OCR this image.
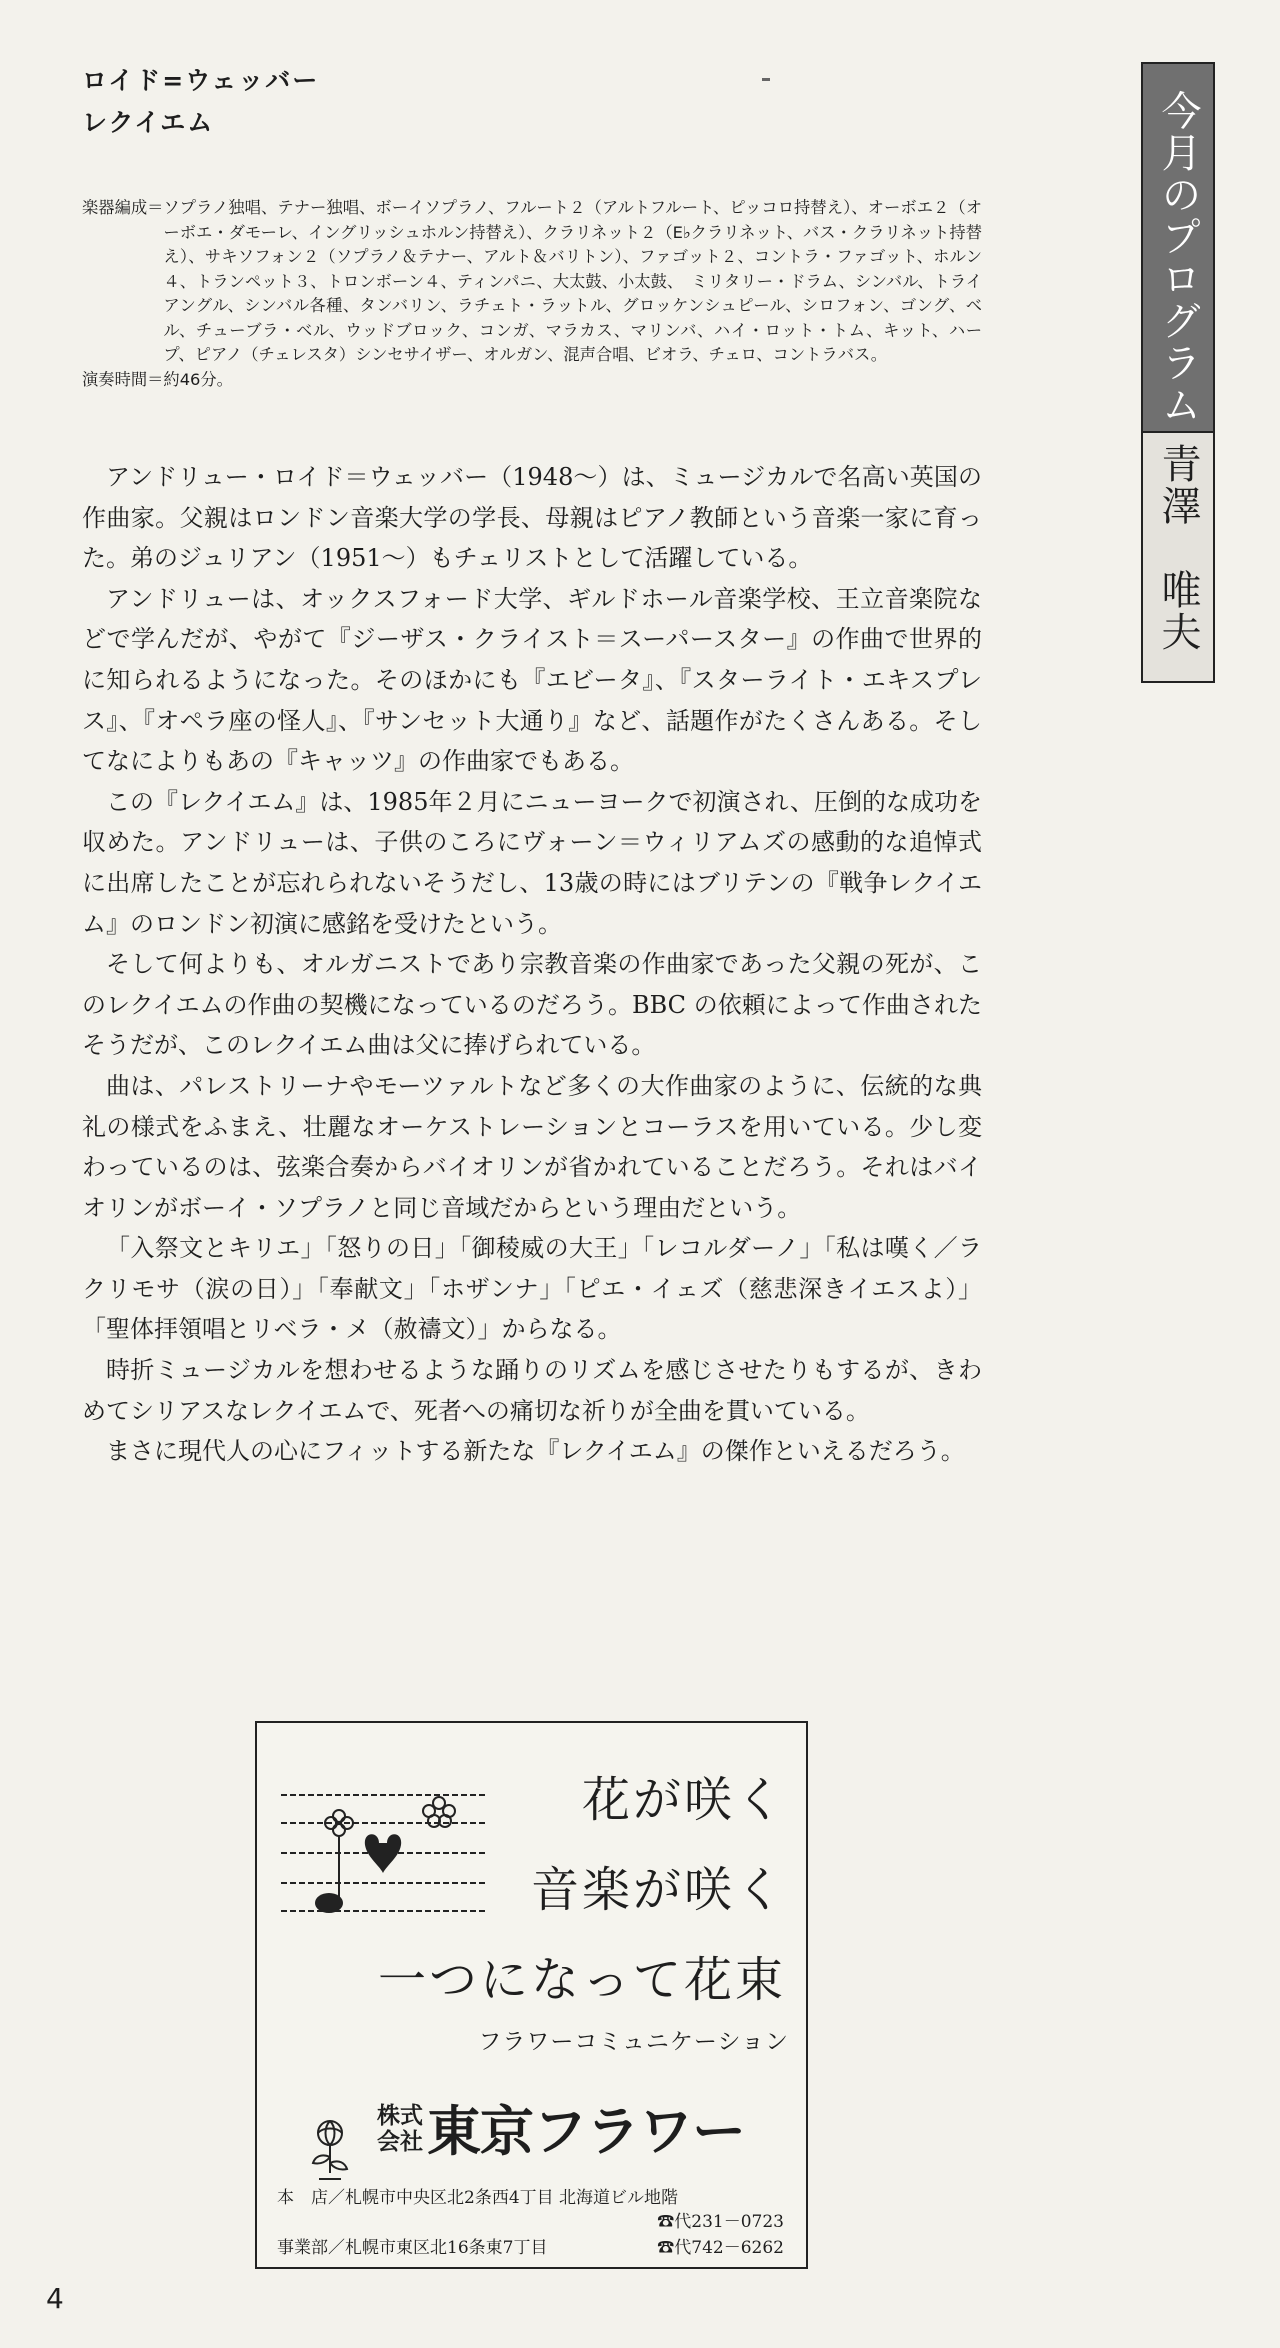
ロイド=ウェッバー
レクイエム
楽器編成＝ ソプラノ独唱、テナー独唱、ボーイソプラノ、フルート２（アルトフルート、ピッコロ持替え）、オーボエ２（オーボエ・ダモーレ、イングリッシュホルン持替え）、クラリネット２（E♭クラリネット、バス・クラリネット持替え）、サキソフォン２（ソプラノ＆テナー、アルト＆バリトン）、ファゴット２、コントラ・ファゴット、ホルン４、トランペット３、トロンボーン４、ティンパニ、大太鼓、小太鼓、　ミリタリー・ドラム、シンバル、トライアングル、シンバル各種、タンバリン、ラチェト・ラットル、グロッケンシュピール、シロフォン、ゴング、ベル、チューブラ・ベル、ウッドブロック、コンガ、マラカス、マリンバ、ハイ・ロット・トム、キット、ハープ、ピアノ（チェレスタ）シンセサイザー、オルガン、混声合唱、ビオラ、チェロ、コントラバス。
演奏時間＝約46分。

アンドリュー・ロイド＝ウェッバー（1948〜）は、ミュージカルで名高い英国の作曲家。父親はロンドン音楽大学の学長、母親はピアノ教師という音楽一家に育った。弟のジュリアン（1951〜）もチェリストとして活躍している。

アンドリューは、オックスフォード大学、ギルドホール音楽学校、王立音楽院などで学んだが、やがて『ジーザス・クライスト＝スーパースター』の作曲で世界的に知られるようになった。そのほかにも『エビータ』、『スターライト・エキスプレス』、『オペラ座の怪人』、『サンセット大通り』など、話題作がたくさんある。そしてなによりもあの『キャッツ』の作曲家でもある。

この『レクイエム』は、1985年２月にニューヨークで初演され、圧倒的な成功を収めた。アンドリューは、子供のころにヴォーン＝ウィリアムズの感動的な追悼式に出席したことが忘れられないそうだし、13歳の時にはブリテンの『戦争レクイエム』のロンドン初演に感銘を受けたという。

そして何よりも、オルガニストであり宗教音楽の作曲家であった父親の死が、このレクイエムの作曲の契機になっているのだろう。BBC の依頼によって作曲されたそうだが、このレクイエム曲は父に捧げられている。

曲は、パレストリーナやモーツァルトなど多くの大作曲家のように、伝統的な典礼の様式をふまえ、壮麗なオーケストレーションとコーラスを用いている。少し変わっているのは、弦楽合奏からバイオリンが省かれていることだろう。それはバイオリンがボーイ・ソプラノと同じ音域だからという理由だという。

「入祭文とキリエ」「怒りの日」「御稜威の大王」「レコルダーノ」「私は嘆く／ラクリモサ（涙の日）」「奉献文」「ホザンナ」「ピエ・イェズ（慈悲深きイエスよ）」「聖体拝領唱とリベラ・メ（赦禱文）」からなる。

時折ミュージカルを想わせるような踊りのリズムを感じさせたりもするが、きわめてシリアスなレクイエムで、死者への痛切な祈りが全曲を貫いている。

まさに現代人の心にフィットする新たな『レクイエム』の傑作といえるだろう。

今月のプログラム
青澤　唯夫
花が咲く
音楽が咲く
一つになって花束
フラワーコミュニケーション
株式会社 東京フラワー
本　店／札幌市中央区北2条西4丁目 北海道ビル地階
☎代231－0723
事業部／札幌市東区北16条東7丁目	☎代742－6262
4
